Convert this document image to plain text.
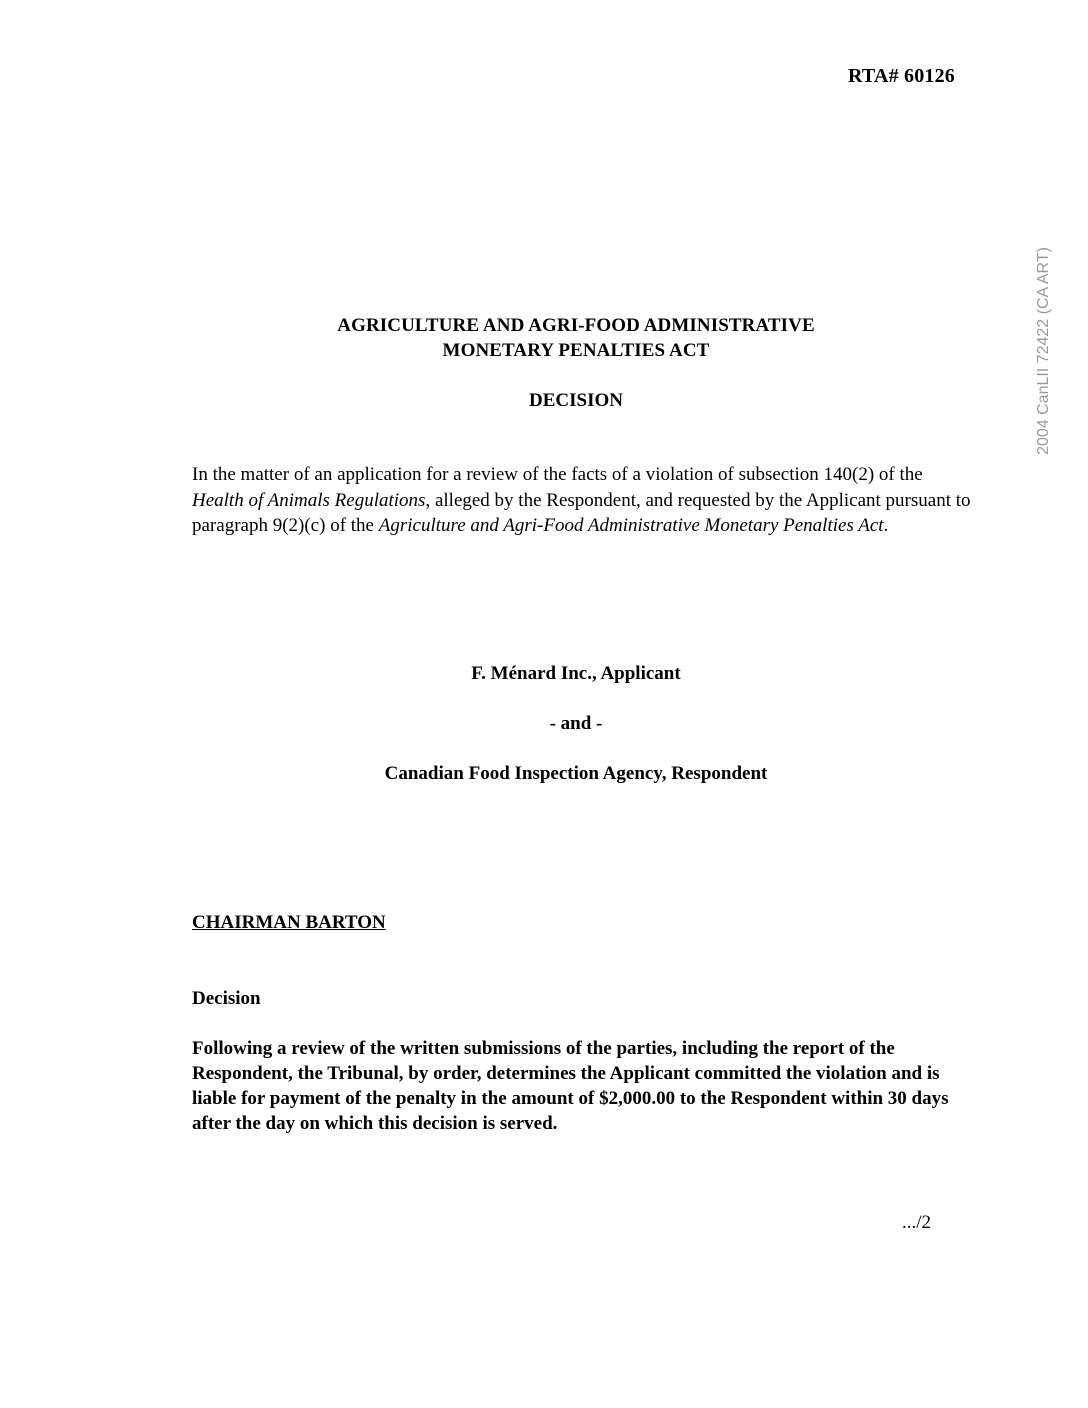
RTA# 60126
2004 CanLII 72422 (CA ART)
AGRICULTURE AND AGRI-FOOD ADMINISTRATIVE
MONETARY PENALTIES ACT
DECISION
In the matter of an application for a review of the facts of a violation of subsection 140(2) of the Health of Animals Regulations, alleged by the Respondent, and requested by the Applicant pursuant to paragraph 9(2)(c) of the Agriculture and Agri-Food Administrative Monetary Penalties Act.
F. Ménard Inc., Applicant
- and -
Canadian Food Inspection Agency, Respondent
CHAIRMAN BARTON
Decision
Following a review of the written submissions of the parties, including the report of the Respondent, the Tribunal, by order, determines the Applicant committed the violation and is liable for payment of the penalty in the amount of $2,000.00 to the Respondent within 30 days after the day on which this decision is served.
.../2
